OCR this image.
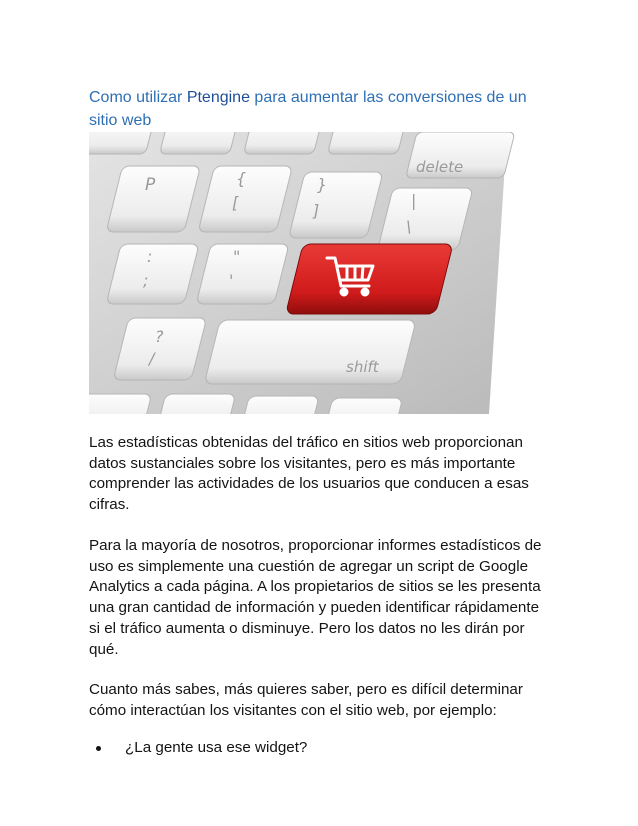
Como utilizar Ptengine para aumentar las conversiones de un sitio web
delete
shift
P	{
[
}
]
|
\
:
;
"
'
?
/

Las estadísticas obtenidas del tráfico en sitios web proporcionan datos sustanciales sobre los visitantes, pero es más importante comprender las actividades de los usuarios que conducen a esas cifras.

Para la mayoría de nosotros, proporcionar informes estadísticos de uso es simplemente una cuestión de agregar un script de Google Analytics a cada página. A los propietarios de sitios se les presenta una gran cantidad de información y pueden identificar rápidamente si el tráfico aumenta o disminuye. Pero los datos no les dirán por qué.

Cuanto más sabes, más quieres saber, pero es difícil determinar cómo interactúan los visitantes con el sitio web, por ejemplo:

¿La gente usa ese widget?
